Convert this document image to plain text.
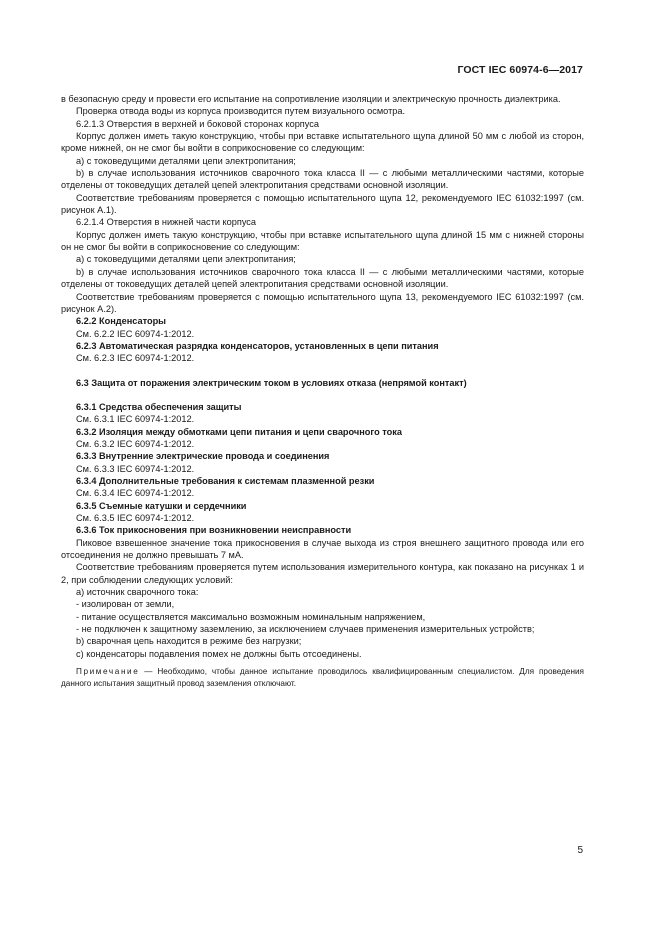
ГОСТ IEC 60974-6—2017

в безопасную среду и провести его испытание на сопротивление изоляции и электрическую прочность диэлектрика.

Проверка отвода воды из корпуса производится путем визуального осмотра.

6.2.1.3 Отверстия в верхней и боковой сторонах корпуса

Корпус должен иметь такую конструкцию, чтобы при вставке испытательного щупа длиной 50 мм с любой из сторон, кроме нижней, он не смог бы войти в соприкосновение со следующим:

а) с токоведущими деталями цепи электропитания;

b) в случае использования источников сварочного тока класса II — с любыми металлическими частями, которые отделены от токоведущих деталей цепей электропитания средствами основной изоляции.

Соответствие требованиям проверяется с помощью испытательного щупа 12, рекомендуемого IEC 61032:1997 (см. рисунок А.1).

6.2.1.4 Отверстия в нижней части корпуса

Корпус должен иметь такую конструкцию, чтобы при вставке испытательного щупа длиной 15 мм с нижней стороны он не смог бы войти в соприкосновение со следующим:

а) с токоведущими деталями цепи электропитания;

b) в случае использования источников сварочного тока класса II — с любыми металлическими частями, которые отделены от токоведущих деталей цепей электропитания средствами основной изоляции.

Соответствие требованиям проверяется с помощью испытательного щупа 13, рекомендуемого IEC 61032:1997 (см. рисунок А.2).

6.2.2 Конденсаторы

См. 6.2.2 IEC 60974-1:2012.

6.2.3 Автоматическая разрядка конденсаторов, установленных в цепи питания

См. 6.2.3 IEC 60974-1:2012.

6.3 Защита от поражения электрическим током в условиях отказа (непрямой контакт)

6.3.1 Средства обеспечения защиты

См. 6.3.1 IEC 60974-1:2012.

6.3.2 Изоляция между обмотками цепи питания и цепи сварочного тока

См. 6.3.2 IEC 60974-1:2012.

6.3.3 Внутренние электрические провода и соединения

См. 6.3.3 IEC 60974-1:2012.

6.3.4 Дополнительные требования к системам плазменной резки

См. 6.3.4 IEC 60974-1:2012.

6.3.5 Съемные катушки и сердечники

См. 6.3.5 IEC 60974-1:2012.

6.3.6 Ток прикосновения при возникновении неисправности

Пиковое взвешенное значение тока прикосновения в случае выхода из строя внешнего защитного провода или его отсоединения не должно превышать 7 мА.

Соответствие требованиям проверяется путем использования измерительного контура, как показано на рисунках 1 и 2, при соблюдении следующих условий:

а) источник сварочного тока:

- изолирован от земли,

- питание осуществляется максимально возможным номинальным напряжением,

- не подключен к защитному заземлению, за исключением случаев применения измерительных устройств;

b) сварочная цепь находится в режиме без нагрузки;

с) конденсаторы подавления помех не должны быть отсоединены.

Примечание — Необходимо, чтобы данное испытание проводилось квалифицированным специалистом. Для проведения данного испытания защитный провод заземления отключают.

5
